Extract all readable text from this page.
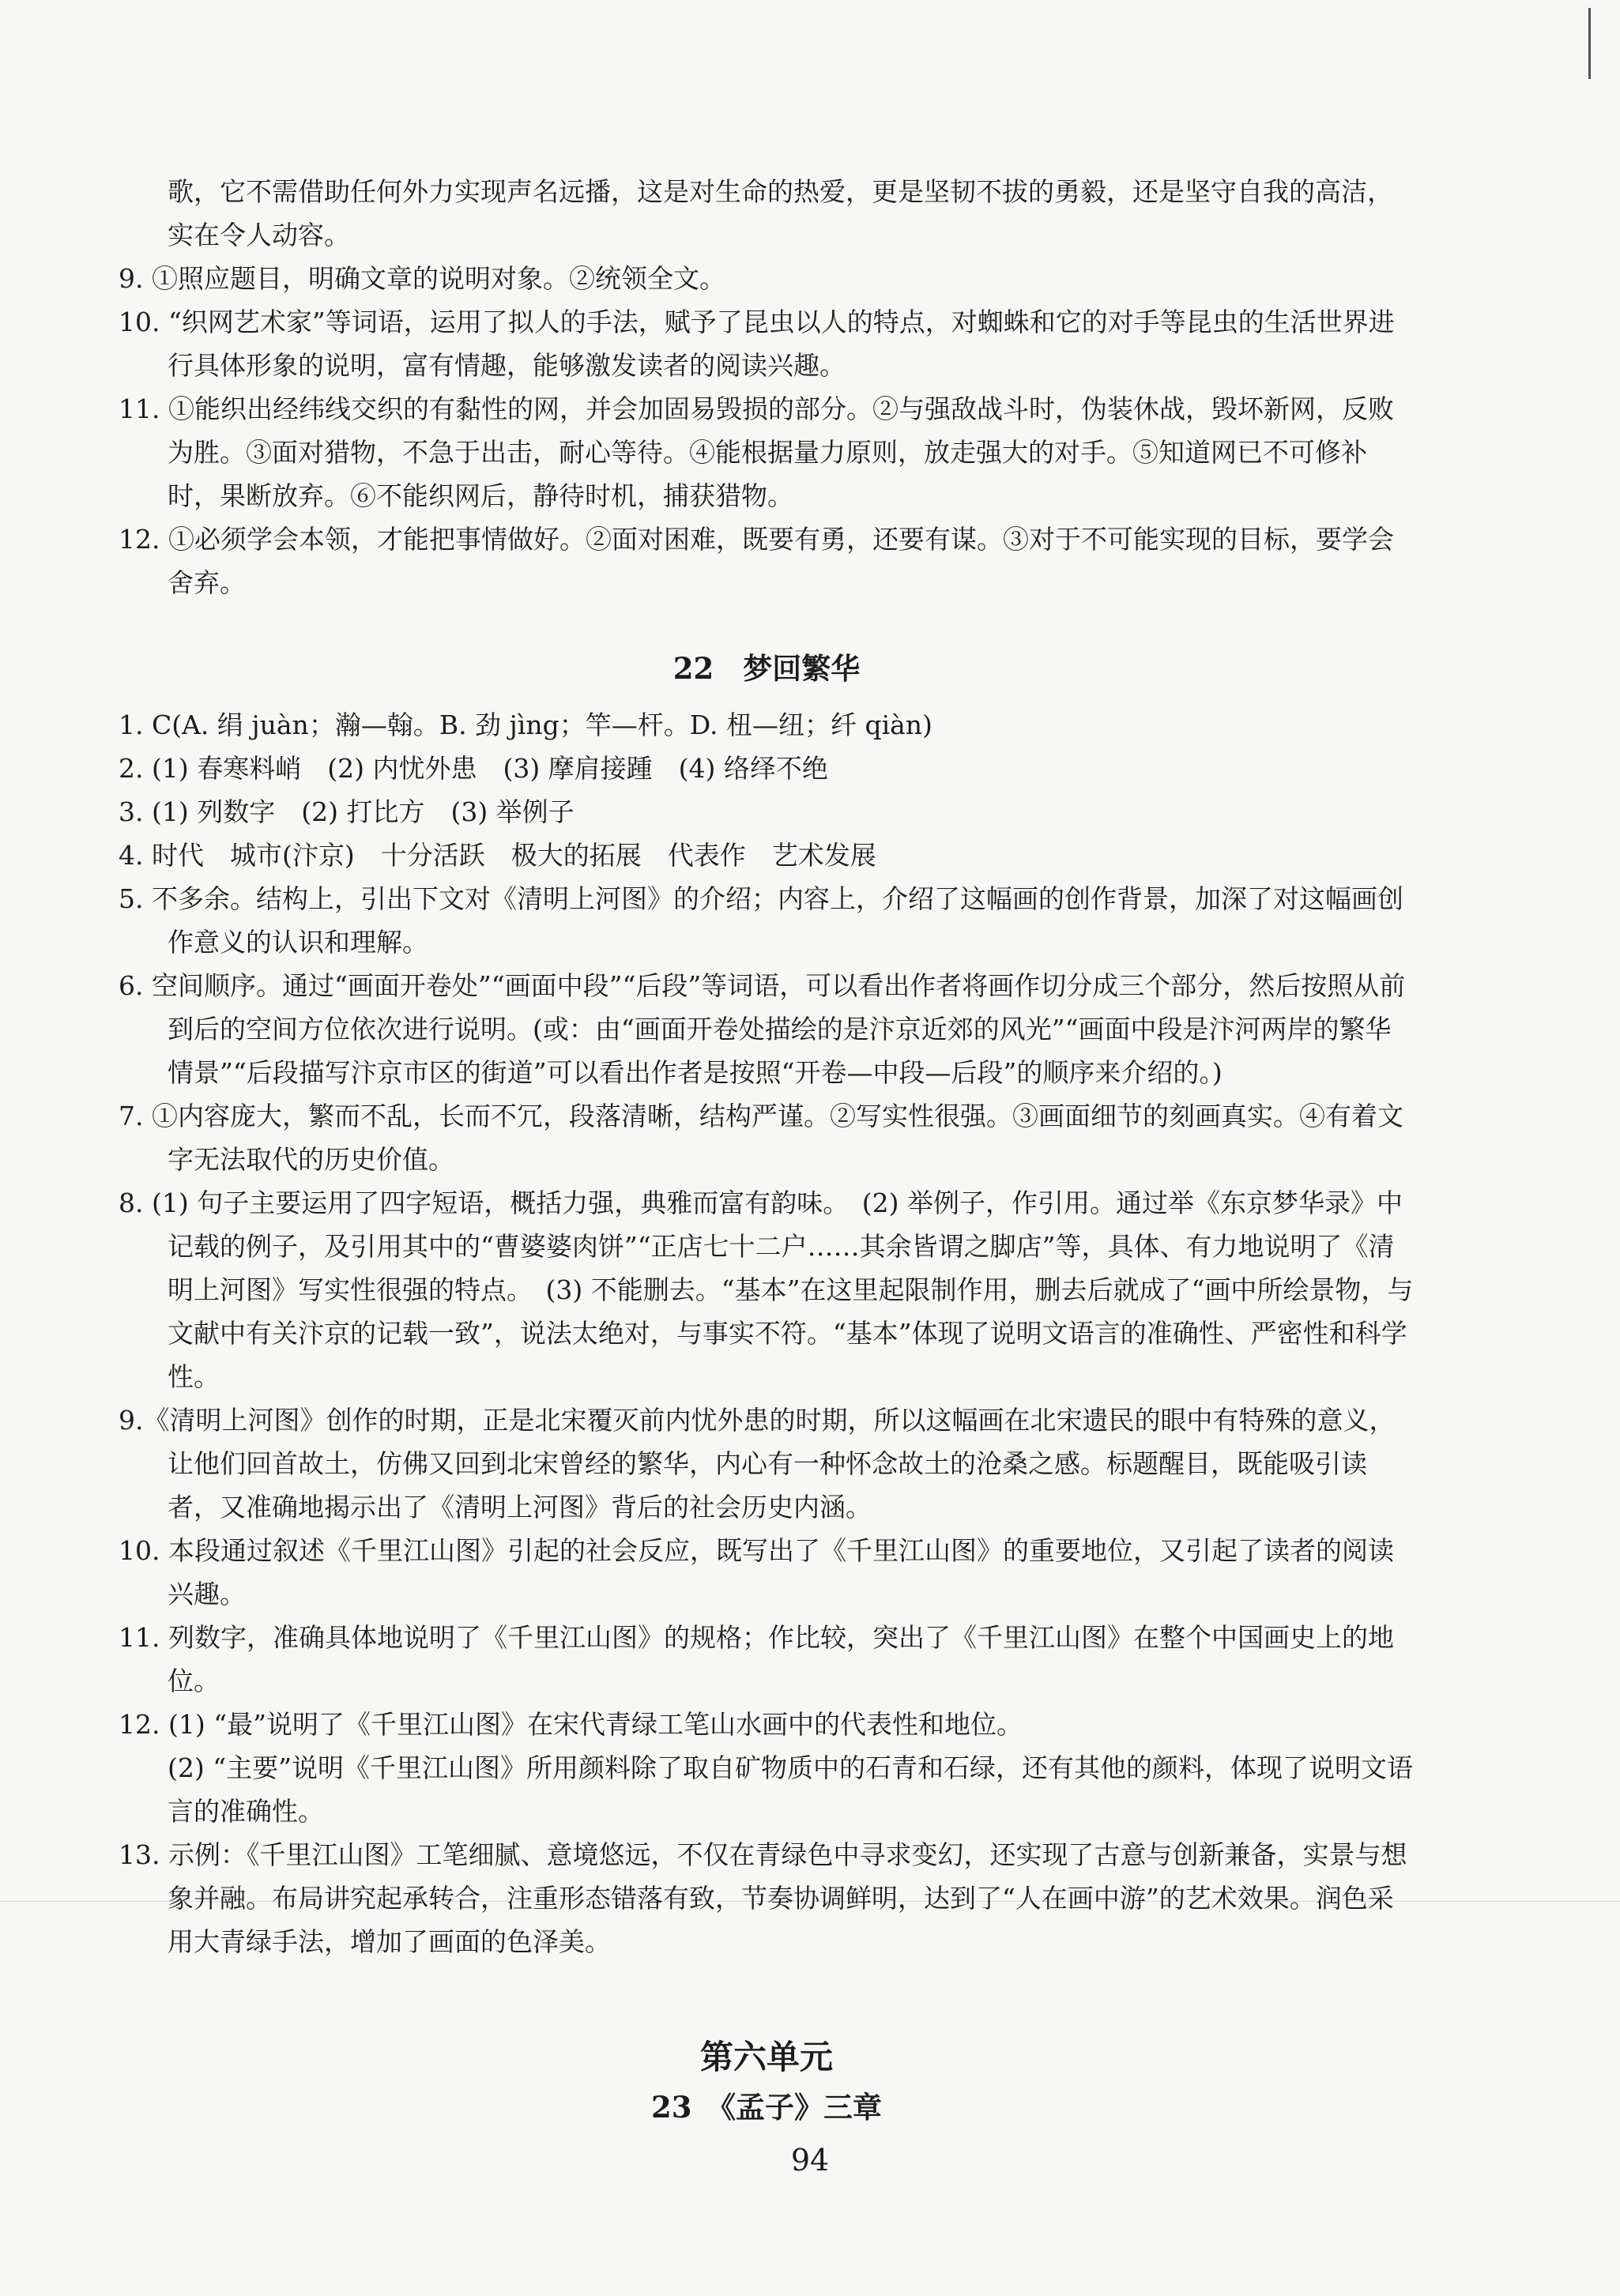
歌，它不需借助任何外力实现声名远播，这是对生命的热爱，更是坚韧不拔的勇毅，还是坚守自我的高洁，实在令人动容。

9. ①照应题目，明确文章的说明对象。②统领全文。

10. “织网艺术家”等词语，运用了拟人的手法，赋予了昆虫以人的特点，对蜘蛛和它的对手等昆虫的生活世界进行具体形象的说明，富有情趣，能够激发读者的阅读兴趣。

11. ①能织出经纬线交织的有黏性的网，并会加固易毁损的部分。②与强敌战斗时，伪装休战，毁坏新网，反败为胜。③面对猎物，不急于出击，耐心等待。④能根据量力原则，放走强大的对手。⑤知道网已不可修补时，果断放弃。⑥不能织网后，静待时机，捕获猎物。

12. ①必须学会本领，才能把事情做好。②面对困难，既要有勇，还要有谋。③对于不可能实现的目标，要学会舍弃。

22　梦回繁华

1. C(A. 绢 juàn；瀚—翰。B. 劲 jìng；竿—杆。D. 杻—纽；纤 qiàn)

2. (1) 春寒料峭　(2) 内忧外患　(3) 摩肩接踵　(4) 络绎不绝

3. (1) 列数字　(2) 打比方　(3) 举例子

4. 时代　城市(汴京)　十分活跃　极大的拓展　代表作　艺术发展

5. 不多余。结构上，引出下文对《清明上河图》的介绍；内容上，介绍了这幅画的创作背景，加深了对这幅画创作意义的认识和理解。

6. 空间顺序。通过“画面开卷处”“画面中段”“后段”等词语，可以看出作者将画作切分成三个部分，然后按照从前到后的空间方位依次进行说明。(或：由“画面开卷处描绘的是汴京近郊的风光”“画面中段是汴河两岸的繁华情景”“后段描写汴京市区的街道”可以看出作者是按照“开卷—中段—后段”的顺序来介绍的。)

7. ①内容庞大，繁而不乱，长而不冗，段落清晰，结构严谨。②写实性很强。③画面细节的刻画真实。④有着文字无法取代的历史价值。

8. (1) 句子主要运用了四字短语，概括力强，典雅而富有韵味。　(2) 举例子，作引用。通过举《东京梦华录》中记载的例子，及引用其中的“曹婆婆肉饼”“正店七十二户……其余皆谓之脚店”等，具体、有力地说明了《清明上河图》写实性很强的特点。　(3) 不能删去。“基本”在这里起限制作用，删去后就成了“画中所绘景物，与文献中有关汴京的记载一致”，说法太绝对，与事实不符。“基本”体现了说明文语言的准确性、严密性和科学性。

9.《清明上河图》创作的时期，正是北宋覆灭前内忧外患的时期，所以这幅画在北宋遗民的眼中有特殊的意义，让他们回首故土，仿佛又回到北宋曾经的繁华，内心有一种怀念故土的沧桑之感。标题醒目，既能吸引读者，又准确地揭示出了《清明上河图》背后的社会历史内涵。

10. 本段通过叙述《千里江山图》引起的社会反应，既写出了《千里江山图》的重要地位，又引起了读者的阅读兴趣。

11. 列数字，准确具体地说明了《千里江山图》的规格；作比较，突出了《千里江山图》在整个中国画史上的地位。

12. (1) “最”说明了《千里江山图》在宋代青绿工笔山水画中的代表性和地位。

(2) “主要”说明《千里江山图》所用颜料除了取自矿物质中的石青和石绿，还有其他的颜料，体现了说明文语言的准确性。

13. 示例：《千里江山图》工笔细腻、意境悠远，不仅在青绿色中寻求变幻，还实现了古意与创新兼备，实景与想象并融。布局讲究起承转合，注重形态错落有致，节奏协调鲜明，达到了“人在画中游”的艺术效果。润色采用大青绿手法，增加了画面的色泽美。

第六单元

23　《孟子》三章

94
